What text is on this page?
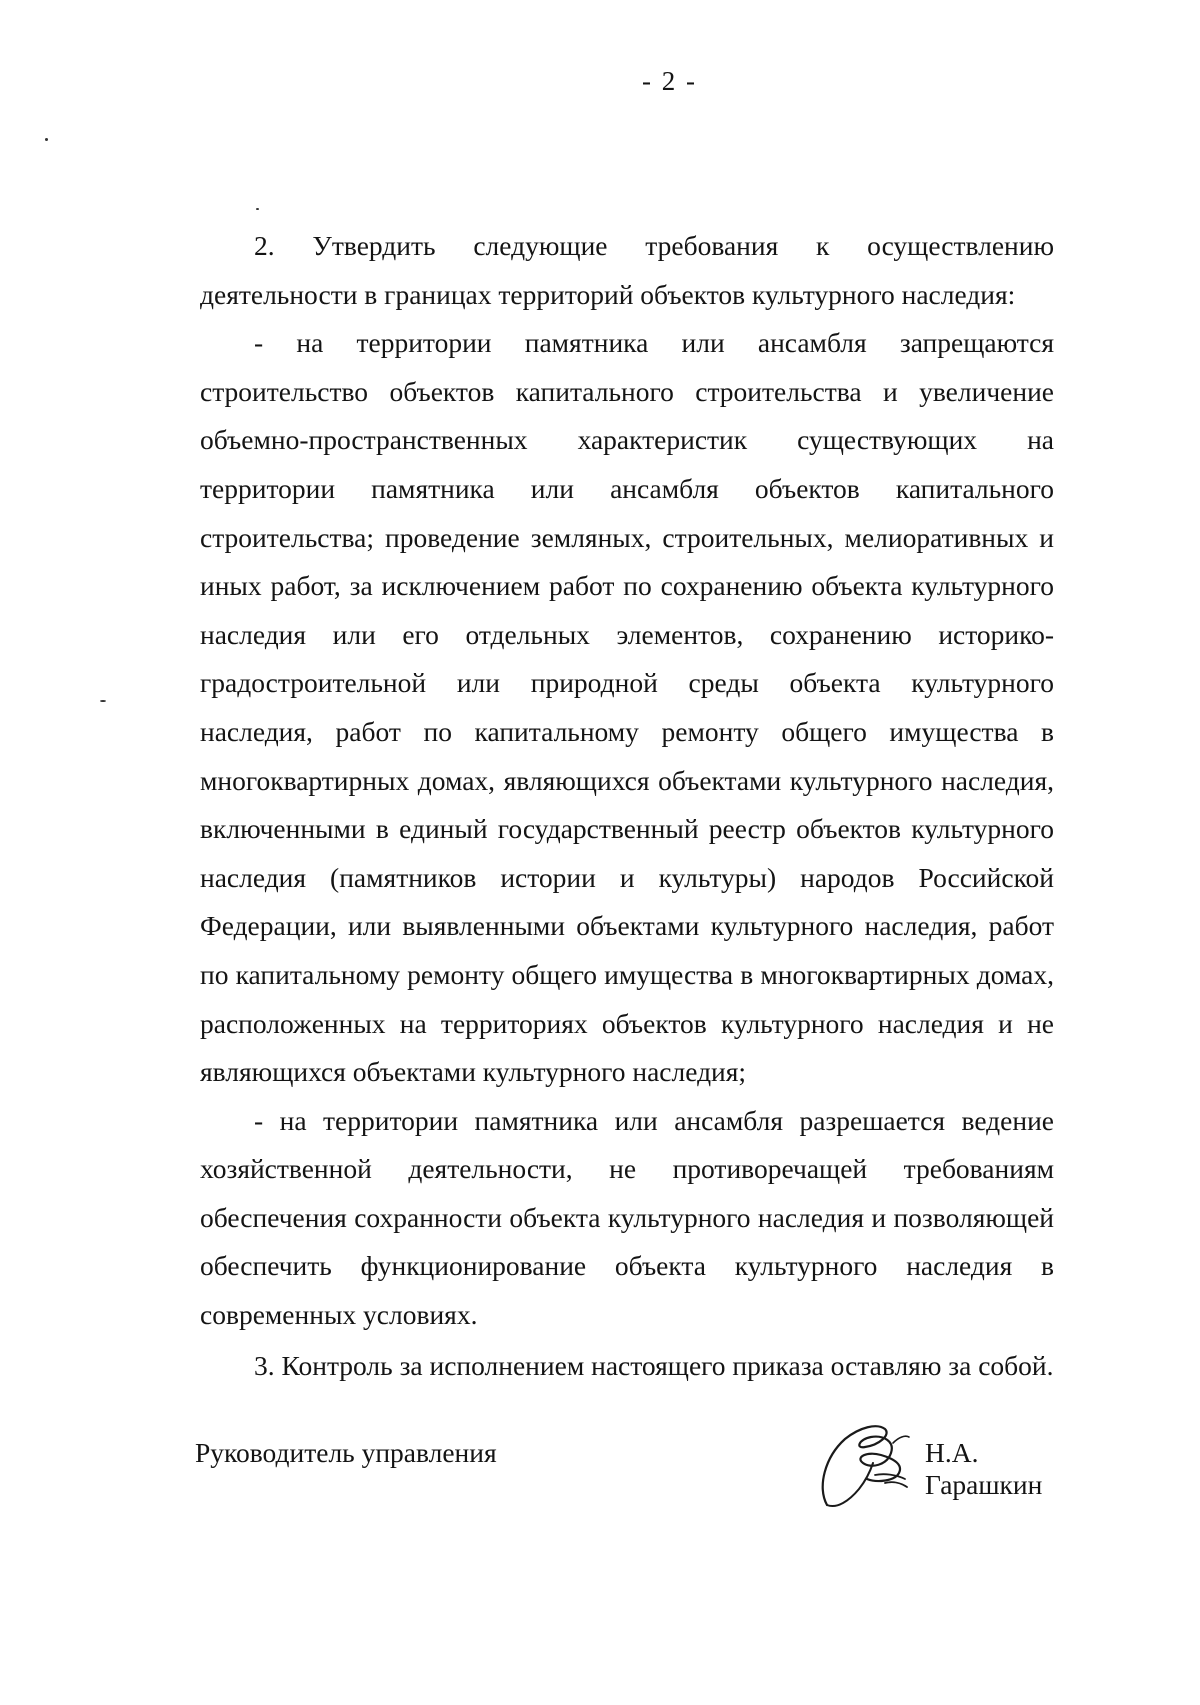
- 2 -

2. Утвердить следующие требования к осуществлению деятельности в границах территорий объектов культурного наследия:

- на территории памятника или ансамбля запрещаются строительство объектов капитального строительства и увеличение объемно-пространственных характеристик существующих на территории памятника или ансамбля объектов капитального строительства; проведение земляных, строительных, мелиоративных и иных работ, за исключением работ по сохранению объекта культурного наследия или его отдельных элементов, сохранению историко-градостроительной или природной среды объекта культурного наследия, работ по капитальному ремонту общего имущества в многоквартирных домах, являющихся объектами культурного наследия, включенными в единый государственный реестр объектов культурного наследия (памятников истории и культуры) народов Российской Федерации, или выявленными объектами культурного наследия, работ по капитальному ремонту общего имущества в многоквартирных домах, расположенных на территориях объектов культурного наследия и не являющихся объектами культурного наследия;

- на территории памятника или ансамбля разрешается ведение хозяйственной деятельности, не противоречащей требованиям обеспечения сохранности объекта культурного наследия и позволяющей обеспечить функционирование объекта культурного наследия в современных условиях.

3. Контроль за исполнением настоящего приказа оставляю за собой.

Руководитель управления	Н.А. Гарашкин
